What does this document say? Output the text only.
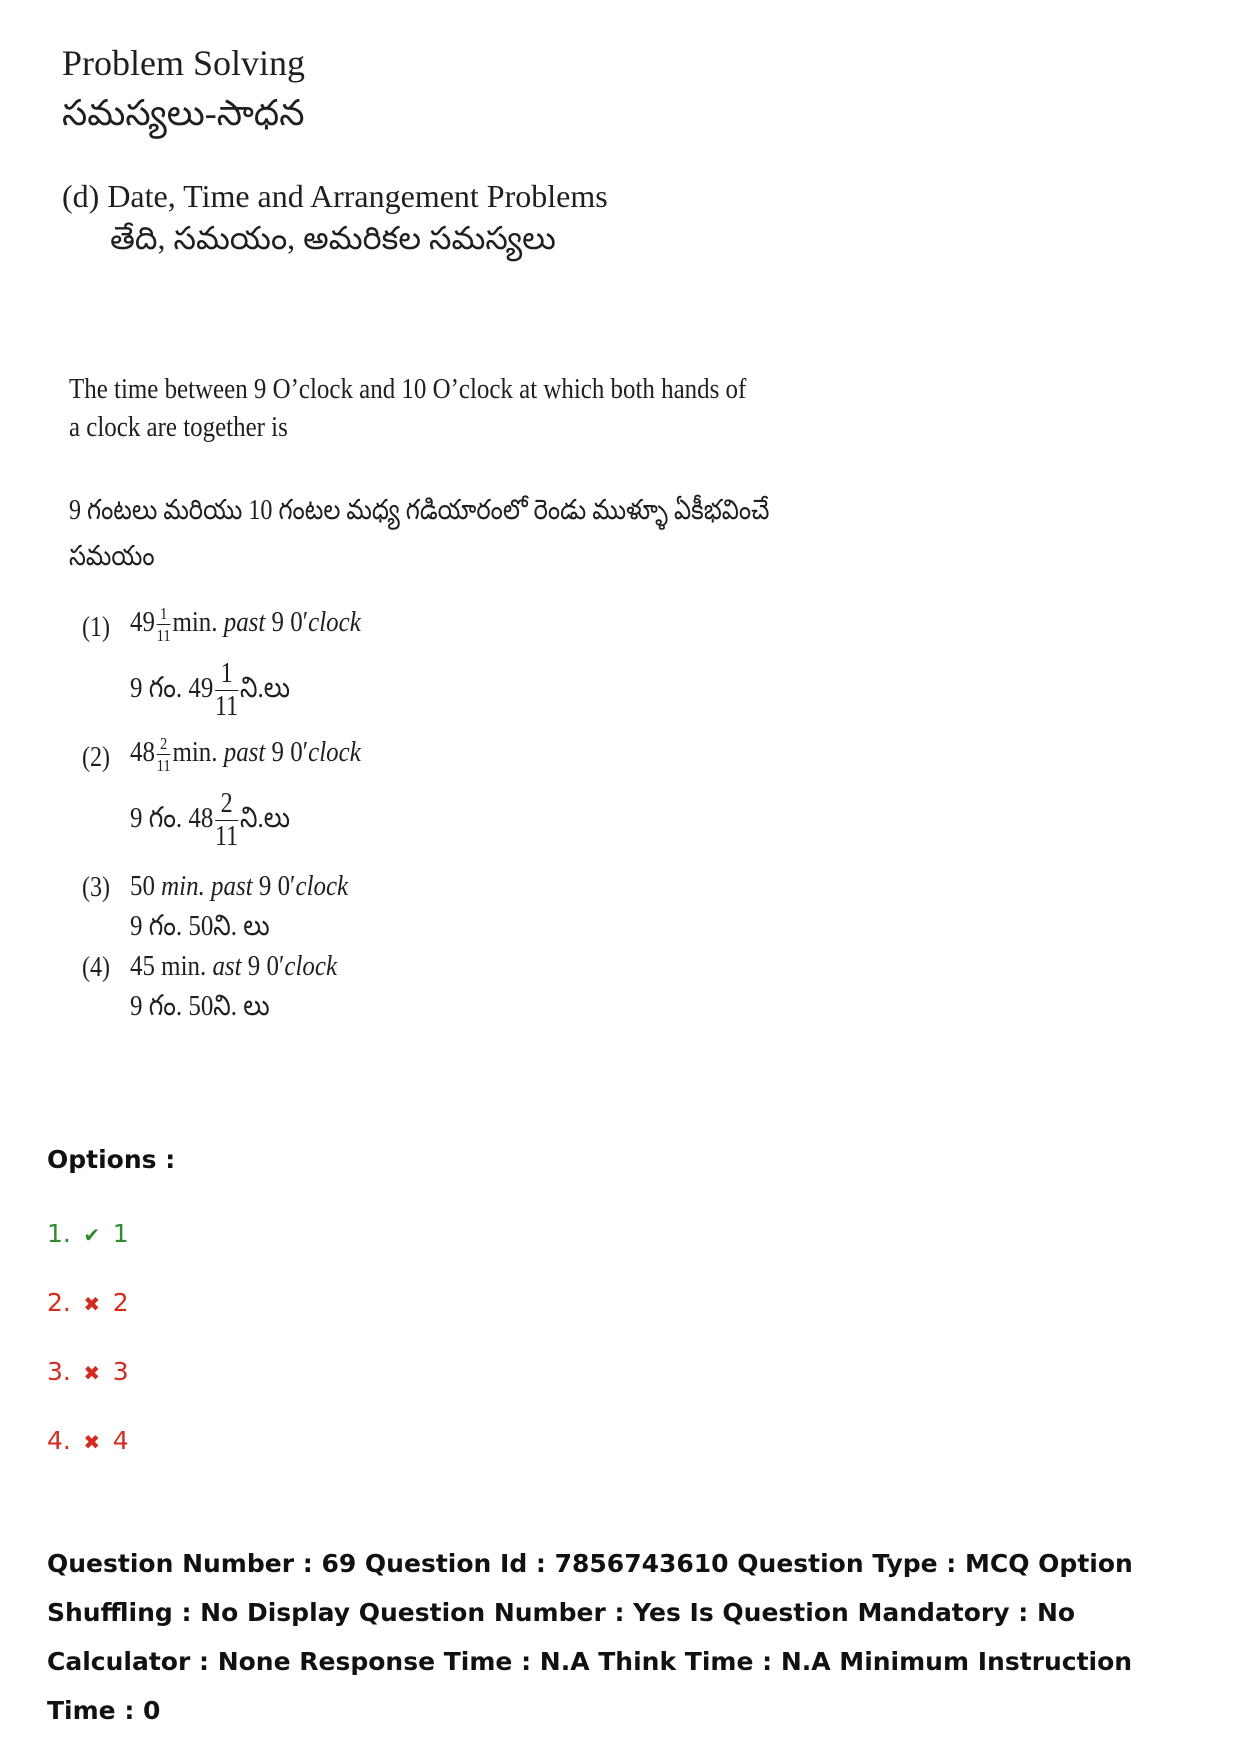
Problem Solving
సమస్యలు-సాధన
(d) Date, Time and Arrangement Problems
తేది, సమయం, అమరికల సమస్యలు
The time between 9 O’clock and 10 O’clock at which both hands of a clock are together is
9 గంటలు మరియు 10 గంటల మధ్య గడియారంలో రెండు ముళ్ళూ ఏకీభవించే సమయం
(1) $49 \frac{1}{11} \min$. past 9 0′clock
9 గం. $49 \frac{1}{11}$ ని.లు
(2) $48 \frac{2}{11} \min$. past 9 0′clock
9 గం. $48 \frac{2}{11}$ ని.లు
(3) 50 min. past 9 0′clock
9 గం. 50ని. లు
(4) 45 min. ast 9 0′clock
9 గం. 50ని. లు
Options :
1. ✔ 1
2. ✖ 2
3. ✖ 3
4. ✖ 4
Question Number : 69 Question Id : 7856743610 Question Type : MCQ Option Shuffling : No Display Question Number : Yes Is Question Mandatory : No Calculator : None Response Time : N.A Think Time : N.A Minimum Instruction Time : 0
